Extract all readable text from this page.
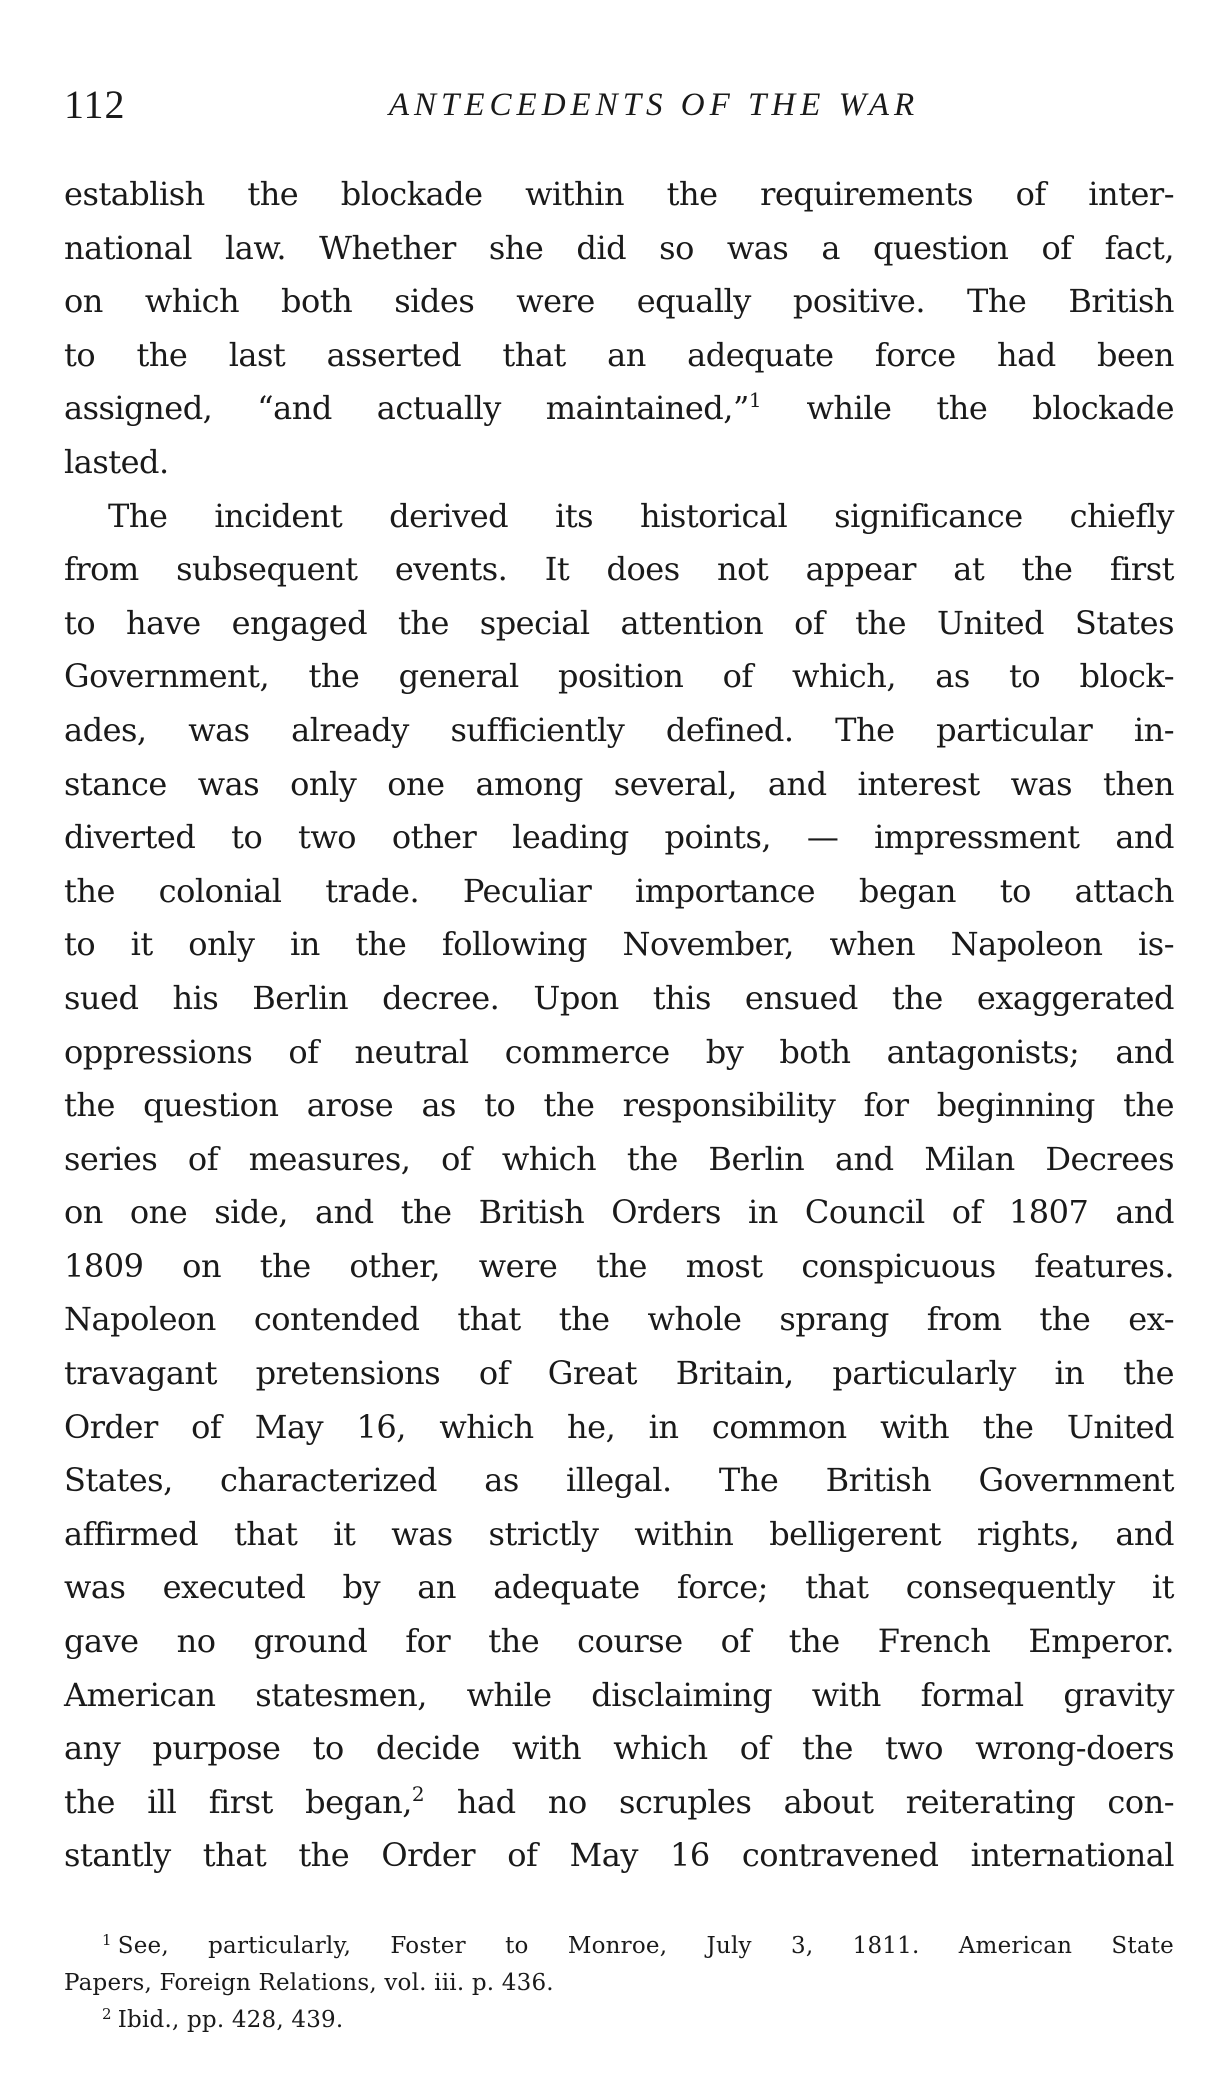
112	ANTECEDENTS OF THE WAR
establish the blockade within the requirements of inter-
national law. Whether she did so was a question of fact,
on which both sides were equally positive. The British
to the last asserted that an adequate force had been
assigned, “and actually maintained,”$^1$ while the blockade
lasted.
The incident derived its historical significance chiefly
from subsequent events. It does not appear at the first
to have engaged the special attention of the United States
Government, the general position of which, as to block-
ades, was already sufficiently defined. The particular in-
stance was only one among several, and interest was then
diverted to two other leading points, — impressment and
the colonial trade. Peculiar importance began to attach
to it only in the following November, when Napoleon is-
sued his Berlin decree. Upon this ensued the exaggerated
oppressions of neutral commerce by both antagonists; and
the question arose as to the responsibility for beginning the
series of measures, of which the Berlin and Milan Decrees
on one side, and the British Orders in Council of 1807 and
1809 on the other, were the most conspicuous features.
Napoleon contended that the whole sprang from the ex-
travagant pretensions of Great Britain, particularly in the
Order of May 16, which he, in common with the United
States, characterized as illegal. The British Government
affirmed that it was strictly within belligerent rights, and
was executed by an adequate force; that consequently it
gave no ground for the course of the French Emperor.
American statesmen, while disclaiming with formal gravity
any purpose to decide with which of the two wrong-doers
the ill first began,$^2$ had no scruples about reiterating con-
stantly that the Order of May 16 contravened international
$^1$ See, particularly, Foster to Monroe, July 3, 1811. American State
Papers, Foreign Relations, vol. iii. p. 436.
$^2$ Ibid., pp. 428, 439.
